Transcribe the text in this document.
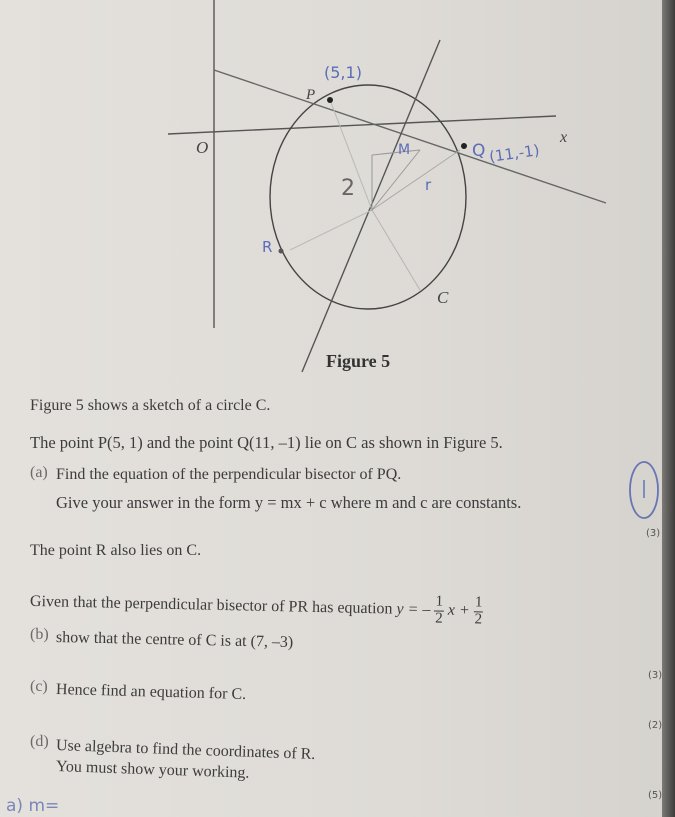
O
x
P
C
Figure 5
(5,1)
Q (11,-1)
R
M
r
2
Figure 5 shows a sketch of a circle C.
The point P(5, 1) and the point Q(11, –1) lie on C as shown in Figure 5.
(a) Find the equation of the perpendicular bisector of PQ.
Give your answer in the form y = mx + c where m and c are constants.
(3)
The point R also lies on C.
Given that the perpendicular bisector of PR has equation y = – $\frac{1}{2}$ $x + \frac{1}{2}$
(b) show that the centre of C is at (7, –3)
(3)
(c) Hence find an equation for C.
(2)
(d) Use algebra to find the coordinates of R.
You must show your working.
(5)
a) m=
